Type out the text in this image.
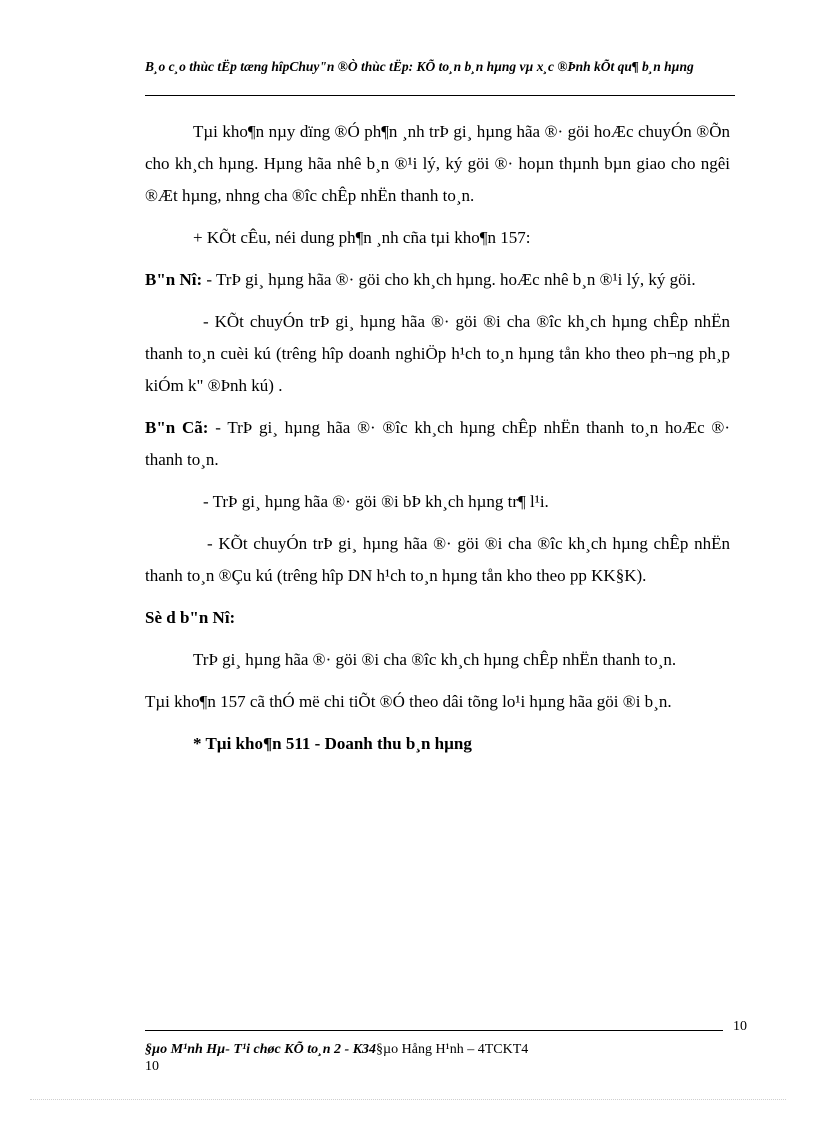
B¸o c¸o thùc tËp tæng hîpChuy"n ®Ò thùc tËp: KÕ to¸n b¸n hµng vµ x¸c ®Þnh kÕt qu¶ b¸n hµng

Tµi kho¶n nµy dïng ®Ó ph¶n ¸nh trÞ gi¸ hµng hãa ®· göi hoÆc chuyÓn ®Õn cho kh¸ch hµng. Hµng hãa nhê b¸n ®¹i lý, ký göi ®· hoµn thµnh bµn giao cho ngêi ®Æt hµng, nhng cha ®îc chÊp nhËn thanh to¸n.

+ KÕt cÊu, néi dung ph¶n ¸nh cña tµi kho¶n 157:

B"n Nî: - TrÞ gi¸ hµng hãa ®· göi cho kh¸ch hµng. hoÆc nhê b¸n ®¹i lý, ký göi.

- KÕt chuyÓn trÞ gi¸ hµng hãa ®· göi ®i cha ®îc kh¸ch hµng chÊp nhËn thanh to¸n cuèi kú (trêng hîp doanh nghiÖp h¹ch to¸n hµng tån kho theo ph¬ng ph¸p kiÓm k" ®Þnh kú) .

B"n Cã: - TrÞ gi¸ hµng hãa ®· ®îc kh¸ch hµng chÊp nhËn thanh to¸n hoÆc ®· thanh to¸n.

- TrÞ gi¸ hµng hãa ®· göi ®i bÞ kh¸ch hµng tr¶ l¹i.

- KÕt chuyÓn trÞ gi¸ hµng hãa ®· göi ®i cha ®îc kh¸ch hµng chÊp nhËn thanh to¸n ®Çu kú (trêng hîp DN h¹ch to¸n hµng tån kho theo pp KK§K).

Sè d b"n Nî:

TrÞ gi¸ hµng hãa ®· göi ®i cha ®îc kh¸ch hµng chÊp nhËn thanh to¸n.

Tµi kho¶n 157 cã thÓ më chi tiÕt ®Ó theo dâi tõng lo¹i hµng hãa göi ®i b¸n.

* Tµi kho¶n 511 - Doanh thu b¸n hµng

10
§µo M¹nh Hµ- T¹i chøc KÕ to¸n 2 - K34§µo Hång H¹nh – 4TCKT4
10
